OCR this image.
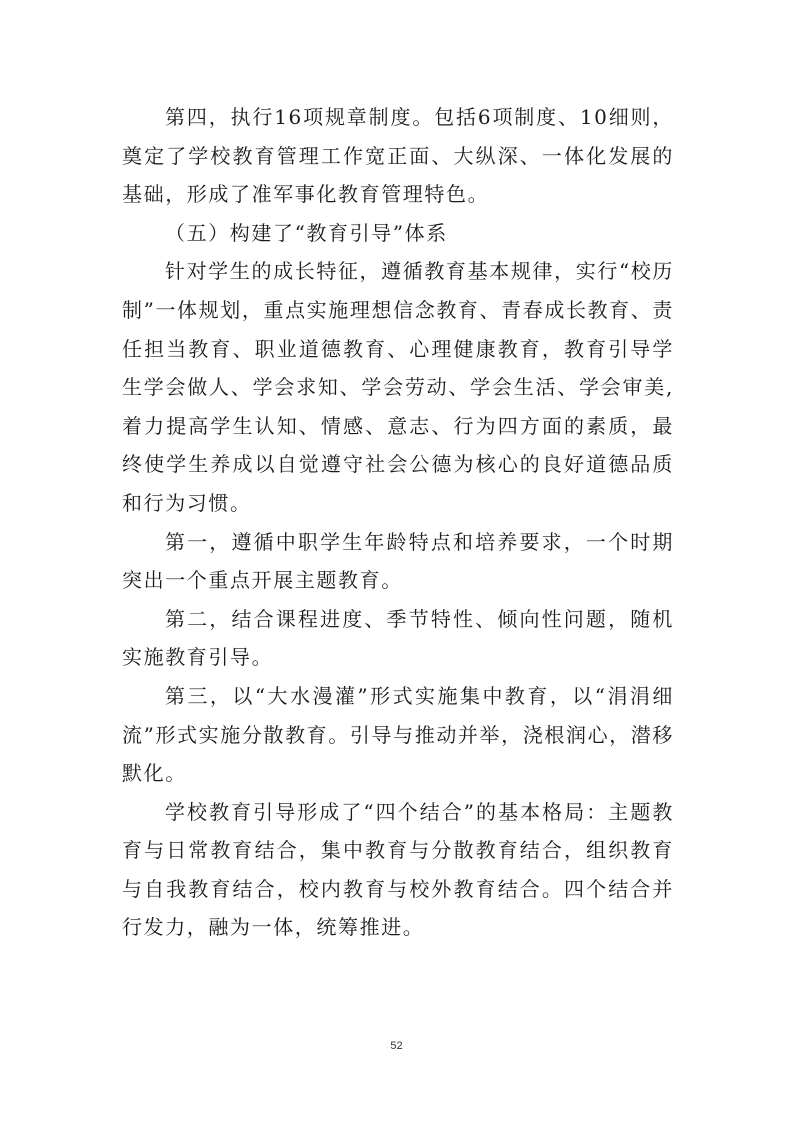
第四，执行16项规章制度。包括6项制度、10细则，奠定了学校教育管理工作宽正面、大纵深、一体化发展的基础，形成了准军事化教育管理特色。

（五）构建了“教育引导”体系

针对学生的成长特征，遵循教育基本规律，实行“校历制”一体规划，重点实施理想信念教育、青春成长教育、责任担当教育、职业道德教育、心理健康教育，教育引导学生学会做人、学会求知、学会劳动、学会生活、学会审美,着力提高学生认知、情感、意志、行为四方面的素质，最终使学生养成以自觉遵守社会公德为核心的良好道德品质和行为习惯。

第一，遵循中职学生年龄特点和培养要求，一个时期突出一个重点开展主题教育。

第二，结合课程进度、季节特性、倾向性问题，随机实施教育引导。

第三，以“大水漫灌”形式实施集中教育，以“涓涓细流”形式实施分散教育。引导与推动并举，浇根润心，潜移默化。

学校教育引导形成了“四个结合”的基本格局：主题教育与日常教育结合，集中教育与分散教育结合，组织教育与自我教育结合，校内教育与校外教育结合。四个结合并行发力，融为一体，统筹推进。

52
